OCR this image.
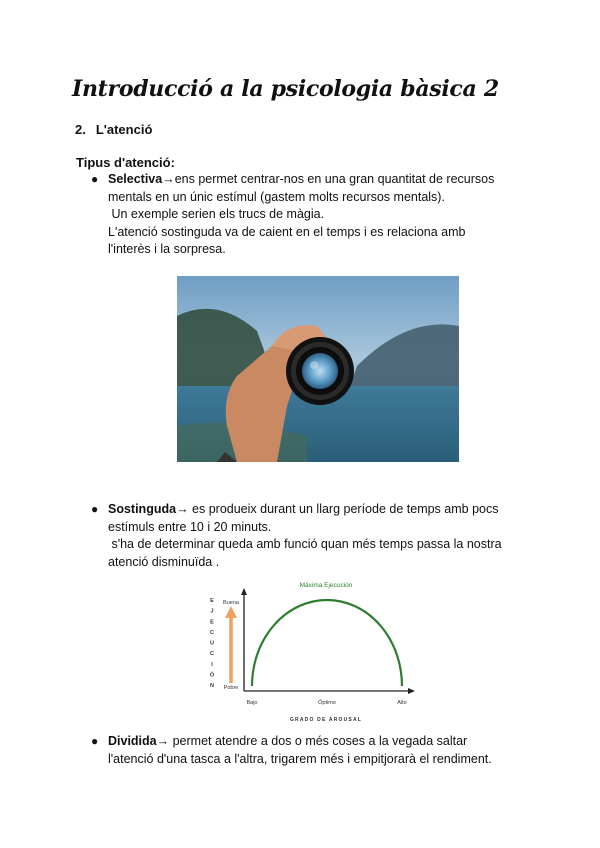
Introducció a la psicologia bàsica 2
2. L'atenció
Tipus d'atenció:
● Selectiva→ens permet centrar-nos en una gran quantitat de recursos

mentals en un únic estímul (gastem molts recursos mentals).

Un exemple serien els trucs de màgia.

L'atenció sostinguda va de caient en el temps i es relaciona amb

l'interès i la sorpresa.

● Sostinguda→ es produeix durant un llarg període de temps amb pocs

estímuls entre 10 i 20 minuts.

s'ha de determinar queda amb funció quan més temps passa la nostra

atenció disminuïda .

Máxima Ejecución
E
J
E
C
U
C
I
Ó
N
Buena
Pobre
Bajo	Óptimo	Alto
GRADO DE AROUSAL
● Dividida→ permet atendre a dos o més coses a la vegada saltar

l'atenció d'una tasca a l'altra, trigarem més i empitjorarà el rendiment.
